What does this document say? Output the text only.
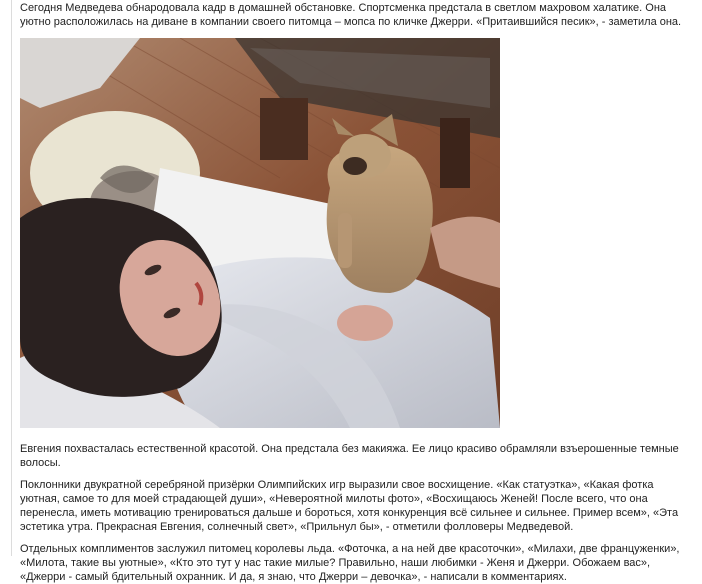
Сегодня Медведева обнародовала кадр в домашней обстановке. Спортсменка предстала в светлом махровом халатике. Она уютно расположилась на диване в компании своего питомца – мопса по кличке Джерри. «Притаившийся песик», - заметила она.

Евгения похвасталась естественной красотой. Она предстала без макияжа. Ее лицо красиво обрамляли взъерошенные темные волосы.

Поклонники двукратной серебряной призёрки Олимпийских игр выразили свое восхищение. «Как статуэтка», «Какая фотка уютная, самое то для моей страдающей души», «Невероятной милоты фото», «Восхищаюсь Женей! После всего, что она перенесла, иметь мотивацию тренироваться дальше и бороться, хотя конкуренция всё сильнее и сильнее. Пример всем», «Эта эстетика утра. Прекрасная Евгения, солнечный свет», «Прильнул бы», - отметили фолловеры Медведевой.

Отдельных комплиментов заслужил питомец королевы льда. «Фоточка, а на ней две красоточки», «Милахи, две француженки», «Милота, такие вы уютные», «Кто это тут у нас такие милые? Правильно, наши любимки - Женя и Джерри. Обожаем вас», «Джерри - самый бдительный охранник. И да, я знаю, что Джерри – девочка», - написали в комментариях.
